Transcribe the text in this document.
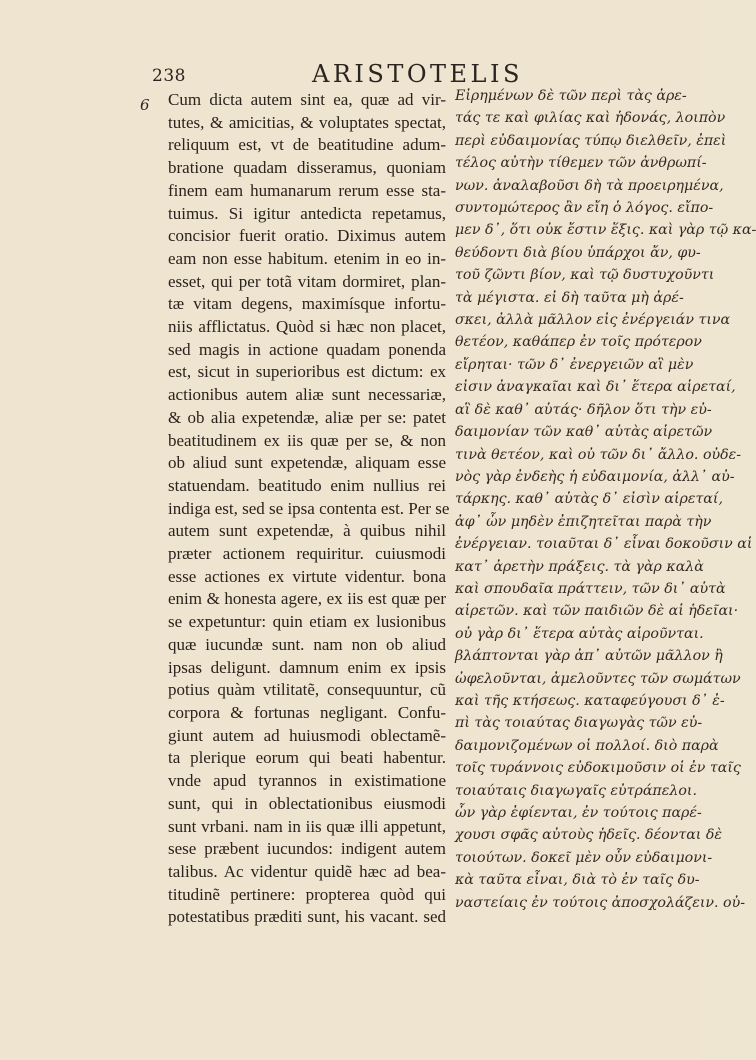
238	ARISTOTELIS
6	Cum dicta autem sint ea, quæ ad vir-
tutes, & amicitias, & voluptates spectat,
reliquum est, vt de beatitudine adum-
bratione quadam disseramus, quoniam
finem eam humanarum rerum esse sta-
tuimus. Si igitur antedicta repetamus,
concisior fuerit oratio. Diximus autem
eam non esse habitum. etenim in eo in-
esset, qui per totã vitam dormiret, plan-
tæ vitam degens, maximísque infortu-
niis afflictatus. Quòd si hæc non placet,
sed magis in actione quadam ponenda
est, sicut in superioribus est dictum: ex
actionibus autem aliæ sunt necessariæ,
& ob alia expetendæ, aliæ per se: patet
beatitudinem ex iis quæ per se, & non
ob aliud sunt expetendæ, aliquam esse
statuendam. beatitudo enim nullius rei
indiga est, sed se ipsa contenta est. Per se
autem sunt expetendæ, à quibus nihil
præter actionem requiritur. cuiusmodi
esse actiones ex virtute videntur. bona
enim & honesta agere, ex iis est quæ per
se expetuntur: quin etiam ex lusionibus
quæ iucundæ sunt. nam non ob aliud
ipsas deligunt. damnum enim ex ipsis
potius quàm vtilitatẽ, consequuntur, cũ
corpora & fortunas negligant. Confu-
giunt autem ad huiusmodi oblectamẽ-
ta plerique eorum qui beati habentur.
vnde apud tyrannos in existimatione
sunt, qui in oblectationibus eiusmodi
sunt vrbani. nam in iis quæ illi appetunt,
sese præbent iucundos: indigent autem
talibus. Ac videntur quidẽ hæc ad bea-
titudinẽ pertinere: propterea quòd qui
potestatibus præditi sunt, his vacant. sed
Εἰρημένων δὲ τῶν περὶ τὰς ἀρε-
τάς τε καὶ φιλίας καὶ ἡδονάς, λοιπὸν
περὶ εὐδαιμονίας τύπῳ διελθεῖν, ἐπεὶ
τέλος αὐτὴν τίθεμεν τῶν ἀνθρωπί-
νων. ἀναλαβοῦσι δὴ τὰ προειρημένα,
συντομώτερος ἂν εἴη ὁ λόγος. εἴπο-
μεν δ᾽, ὅτι οὐκ ἔστιν ἕξις. καὶ γὰρ τῷ κα-
θεύδοντι διὰ βίου ὑπάρχοι ἄν, φυ-
τοῦ ζῶντι βίον, καὶ τῷ δυστυχοῦντι
τὰ μέγιστα. εἰ δὴ ταῦτα μὴ ἀρέ-
σκει, ἀλλὰ μᾶλλον εἰς ἐνέργειάν τινα
θετέον, καθάπερ ἐν τοῖς πρότερον
εἴρηται· τῶν δ᾽ ἐνεργειῶν αἳ μὲν
εἰσιν ἀναγκαῖαι καὶ δι᾽ ἕτερα αἱρεταί,
αἳ δὲ καθ᾽ αὑτάς· δῆλον ὅτι τὴν εὐ-
δαιμονίαν τῶν καθ᾽ αὑτὰς αἱρετῶν
τινὰ θετέον, καὶ οὐ τῶν δι᾽ ἄλλο. οὐδε-
νὸς γὰρ ἐνδεὴς ἡ εὐδαιμονία, ἀλλ᾽ αὐ-
τάρκης. καθ᾽ αὑτὰς δ᾽ εἰσὶν αἱρεταί,
ἀφ᾽ ὧν μηδὲν ἐπιζητεῖται παρὰ τὴν
ἐνέργειαν. τοιαῦται δ᾽ εἶναι δοκοῦσιν αἱ
κατ᾽ ἀρετὴν πράξεις. τὰ γὰρ καλὰ
καὶ σπουδαῖα πράττειν, τῶν δι᾽ αὑτὰ
αἱρετῶν. καὶ τῶν παιδιῶν δὲ αἱ ἡδεῖαι·
οὐ γὰρ δι᾽ ἕτερα αὐτὰς αἱροῦνται.
βλάπτονται γὰρ ἀπ᾽ αὐτῶν μᾶλλον ἢ
ὠφελοῦνται, ἀμελοῦντες τῶν σωμάτων
καὶ τῆς κτήσεως. καταφεύγουσι δ᾽ ἐ-
πὶ τὰς τοιαύτας διαγωγὰς τῶν εὐ-
δαιμονιζομένων οἱ πολλοί. διὸ παρὰ
τοῖς τυράννοις εὐδοκιμοῦσιν οἱ ἐν ταῖς
τοιαύταις διαγωγαῖς εὐτράπελοι.
ὧν γὰρ ἐφίενται, ἐν τούτοις παρέ-
χουσι σφᾶς αὐτοὺς ἡδεῖς. δέονται δὲ
τοιούτων. δοκεῖ μὲν οὖν εὐδαιμονι-
κὰ ταῦτα εἶναι, διὰ τὸ ἐν ταῖς δυ-
ναστείαις ἐν τούτοις ἀποσχολάζειν. οὐ-
